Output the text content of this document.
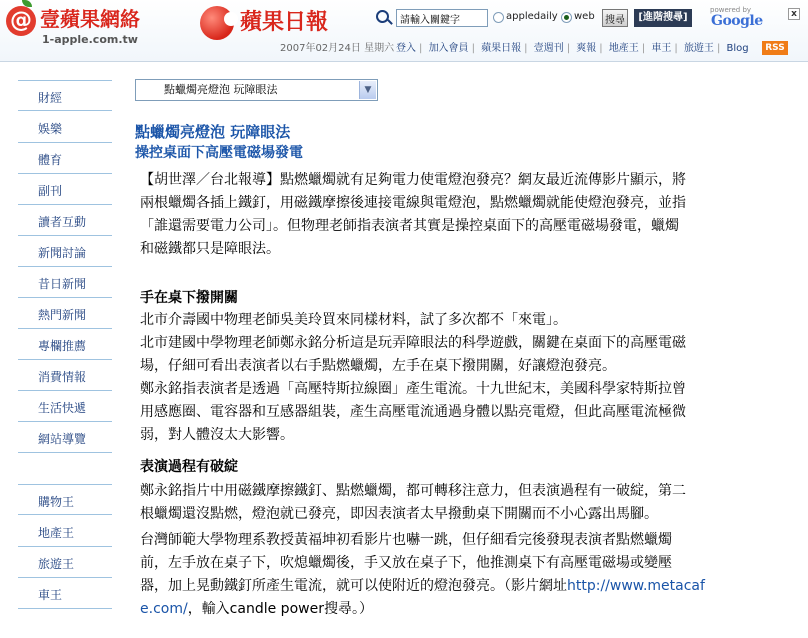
@ 壹蘋果網絡
1-apple.com.tw
蘋果日報
請輸入關鍵字	appledaily web	搜尋	[進階搜尋]
powered by
Google	x
2007年02月24日 星期六 登入 | 加入會員 | 蘋果日報 | 壹週刊 | 爽報 | 地產王 | 車王 | 旅遊王 | Blog	RSS
財經
娛樂
體育
副刊
讀者互動
新聞討論
昔日新聞
熱門新聞
專欄推薦
消費情報
生活快遞
網站導覽
購物王
地產王
旅遊王
車王
點蠟燭亮燈泡 玩障眼法	▼
點蠟燭亮燈泡 玩障眼法
操控桌面下高壓電磁場發電
【胡世澤／台北報導】點燃蠟燭就有足夠電力使電燈泡發亮？網友最近流傳影片顯示，將
兩根蠟燭各插上鐵釘，用磁鐵摩擦後連接電線與電燈泡，點燃蠟燭就能使燈泡發亮，並指
「誰還需要電力公司」。但物理老師指表演者其實是操控桌面下的高壓電磁場發電，蠟燭
和磁鐵都只是障眼法。
手在桌下撥開關
北市介壽國中物理老師吳美玲買來同樣材料，試了多次都不「來電」。
北市建國中學物理老師鄭永銘分析這是玩弄障眼法的科學遊戲，關鍵在桌面下的高壓電磁
場，仔細可看出表演者以右手點燃蠟燭，左手在桌下撥開關，好讓燈泡發亮。
鄭永銘指表演者是透過「高壓特斯拉線圈」產生電流。十九世紀末，美國科學家特斯拉曾
用感應圈、電容器和互感器組裝，產生高壓電流通過身體以點亮電燈，但此高壓電流極微
弱，對人體沒太大影響。
表演過程有破綻
鄭永銘指片中用磁鐵摩擦鐵釘、點燃蠟燭，都可轉移注意力，但表演過程有一破綻，第二
根蠟燭還沒點燃，燈泡就已發亮，即因表演者太早撥動桌下開關而不小心露出馬腳。
台灣師範大學物理系教授黃福坤初看影片也嚇一跳，但仔細看完後發現表演者點燃蠟燭
前，左手放在桌子下，吹熄蠟燭後，手又放在桌子下，他推測桌下有高壓電磁場或變壓
器，加上晃動鐵釘所產生電流，就可以使附近的燈泡發亮。（影片網址http://www.metacaf
e.com/，輸入candle power搜尋。）
